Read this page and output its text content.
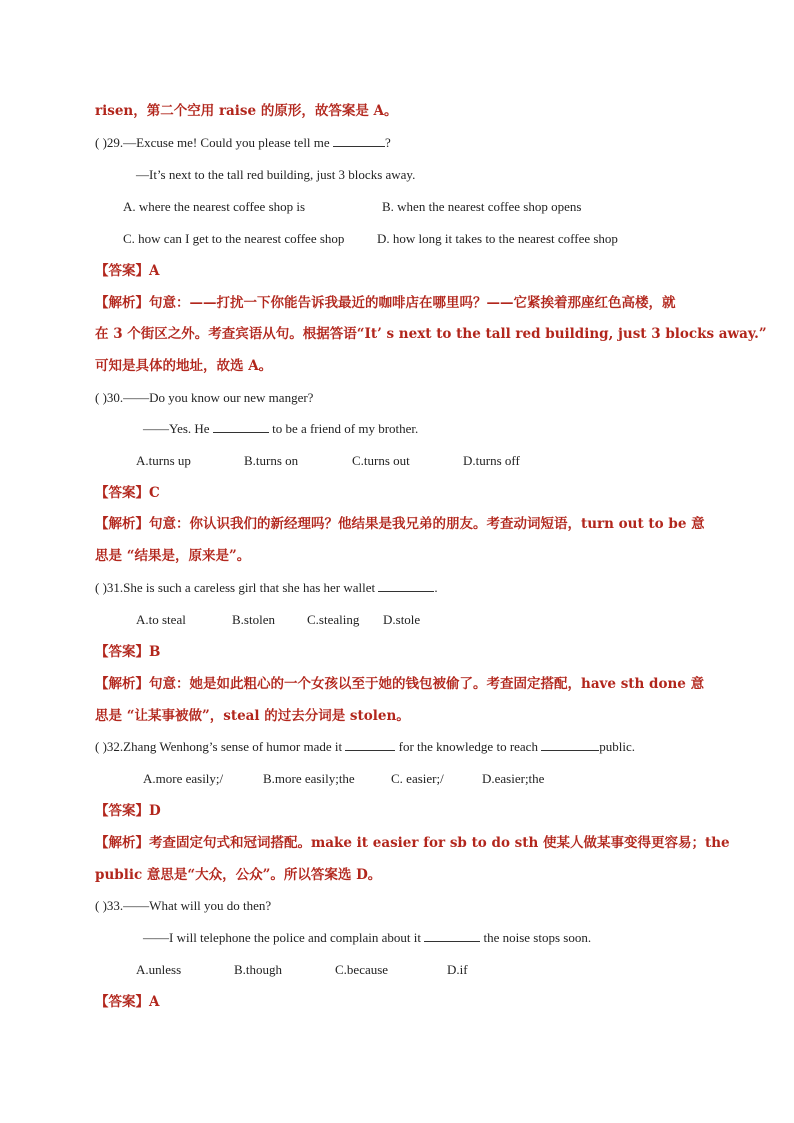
risen，第二个空用 raise 的原形，故答案是 A。
( )29.—Excuse me! Could you please tell me	?
—It’s next to the tall red building, just 3 blocks away.
A. where the nearest coffee shop is	B. when the nearest coffee shop opens
C. how can I get to the nearest coffee shop	D. how long it takes to the nearest coffee shop
【答案】A
【解析】句意：——打扰一下你能告诉我最近的咖啡店在哪里吗？——它紧挨着那座红色高楼，就
在 3 个街区之外。考查宾语从句。根据答语“It’ s next to the tall red building, just 3 blocks away.”
可知是具体的地址，故选 A。
( )30.——Do you know our new manger?
——Yes. He	to be a friend of my brother.
A.turns up	B.turns on	C.turns out	D.turns off
【答案】C
【解析】句意：你认识我们的新经理吗？他结果是我兄弟的朋友。考查动词短语，turn out to be 意
思是 “结果是，原来是”。
( )31.She is such a careless girl that she has her wallet	.
A.to steal	B.stolen C.stealing D.stole
【答案】B
【解析】句意：她是如此粗心的一个女孩以至于她的钱包被偷了。考查固定搭配，have sth done 意
思是 “让某事被做”，steal 的过去分词是 stolen。
( )32.Zhang Wenhong’s sense of humor made it	for the knowledge to reach	public.
A.more easily;/	B.more easily;the	C. easier;/	D.easier;the
【答案】D
【解析】考查固定句式和冠词搭配。make it easier for sb to do sth 使某人做某事变得更容易；the
public 意思是“大众，公众”。所以答案选 D。
( )33.——What will you do then?
——I will telephone the police and complain about it	the noise stops soon.
A.unless	B.though	C.because	D.if
【答案】A
